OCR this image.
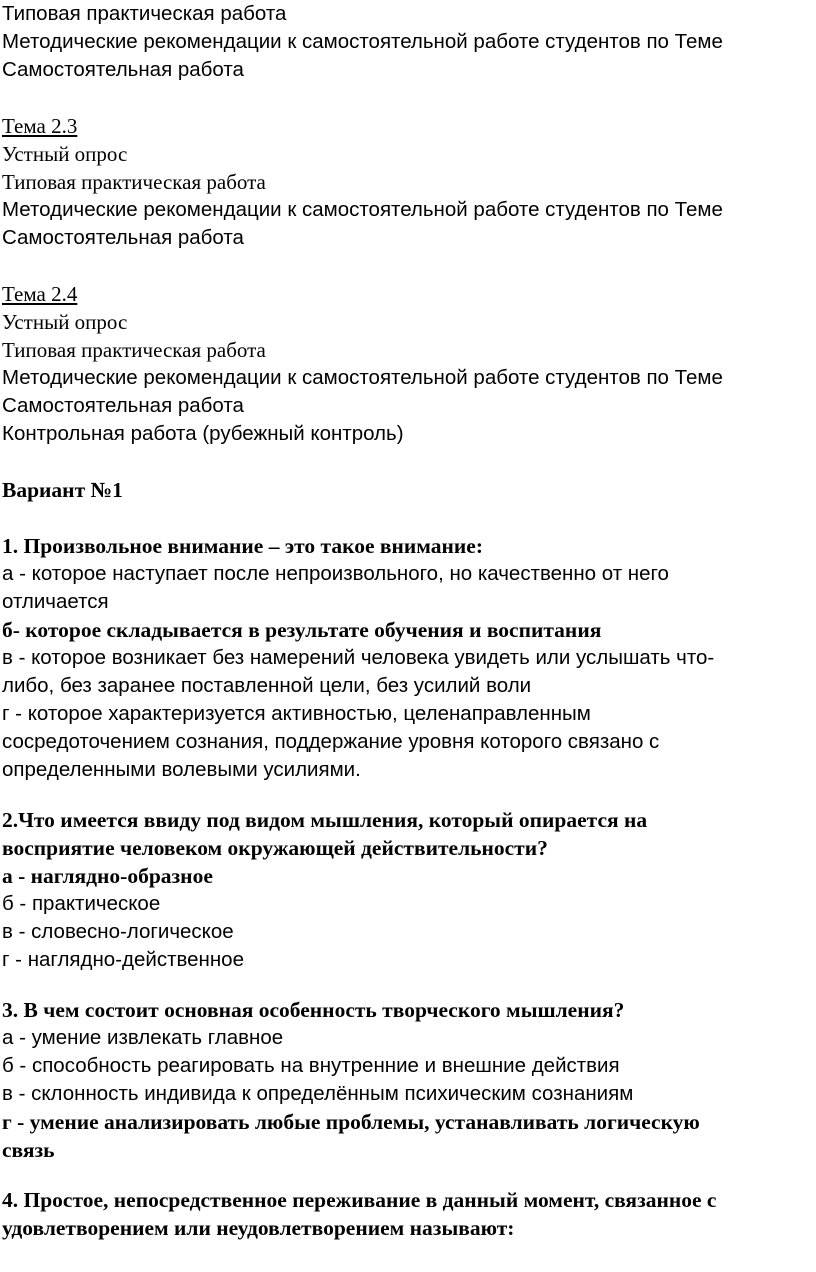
Типовая практическая работа
Методические рекомендации к самостоятельной работе студентов по Теме
Самостоятельная работа
Тема 2.3
Устный опрос
Типовая практическая работа
Методические рекомендации к самостоятельной работе студентов по Теме
Самостоятельная работа
Тема 2.4
Устный опрос
Типовая практическая работа
Методические рекомендации к самостоятельной работе студентов по Теме
Самостоятельная работа
Контрольная работа (рубежный контроль)
Вариант №1
1. Произвольное внимание – это такое внимание:
а - которое наступает после непроизвольного, но качественно от него
отличается
б- которое складывается в результате обучения и воспитания
в - которое возникает без намерений человека увидеть или услышать что-
либо, без заранее поставленной цели, без усилий воли
г - которое характеризуется активностью, целенаправленным
сосредоточением сознания, поддержание уровня которого связано с
определенными волевыми усилиями.
2.Что имеется ввиду под видом мышления, который опирается на
восприятие человеком окружающей действительности?
а - наглядно-образное
б - практическое
в - словесно-логическое
г - наглядно-действенное
3. В чем состоит основная особенность творческого мышления?
а - умение извлекать главное
б - способность реагировать на внутренние и внешние действия
в - склонность индивида к определённым психическим сознаниям
г - умение анализировать любые проблемы, устанавливать логическую
связь
4. Простое, непосредственное переживание в данный момент, связанное с
удовлетворением или неудовлетворением называют:
